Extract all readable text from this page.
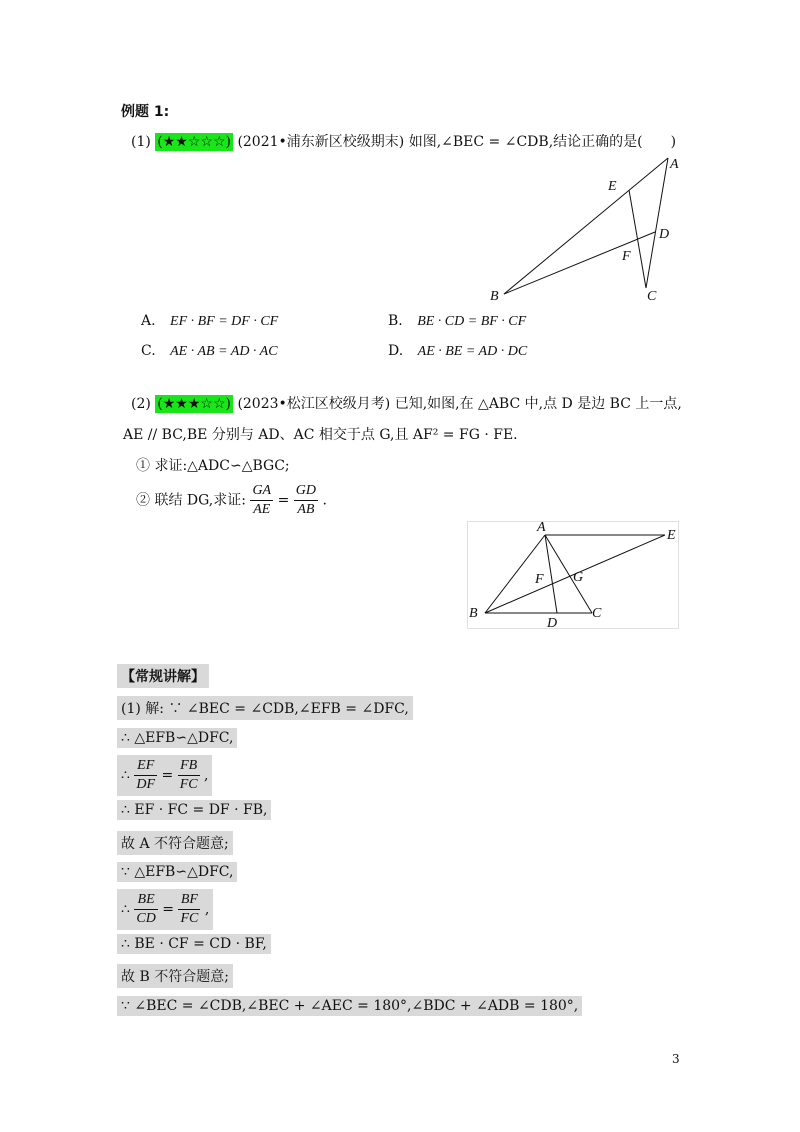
例题 1:
(1) (★★☆☆☆) (2021•浦东新区校级期末) 如图,∠BEC = ∠CDB,结论正确的是(　　)
A
E
D
F
B	C
A. EF · BF = DF · CF	B. BE · CD = BF · CF
C. AE · AB = AD · AC	D. AE · BE = AD · DC
(2) (★★★☆☆) (2023•松江区校级月考) 已知,如图,在 △ABC 中,点 D 是边 BC 上一点,
AE // BC,BE 分别与 AD、AC 相交于点 G,且 AF² = FG · FE.
① 求证:△ADC∽△BGC;
② 联结 DG,求证: $\frac{GA}{AE} = \frac{GD}{AB}$ .
A
E
F G
B
D
C
【常规讲解】
(1) 解: ∵ ∠BEC = ∠CDB,∠EFB = ∠DFC,
∴ △EFB∽△DFC,
∴ $\frac{EF}{DF} = \frac{FB}{FC}$ ,
∴ EF · FC = DF · FB,
故 A 不符合题意;
∵ △EFB∽△DFC,
∴ $\frac{BE}{CD} = \frac{BF}{FC}$ ,
∴ BE · CF = CD · BF,
故 B 不符合题意;
∵ ∠BEC = ∠CDB,∠BEC + ∠AEC = 180°,∠BDC + ∠ADB = 180°,
3
